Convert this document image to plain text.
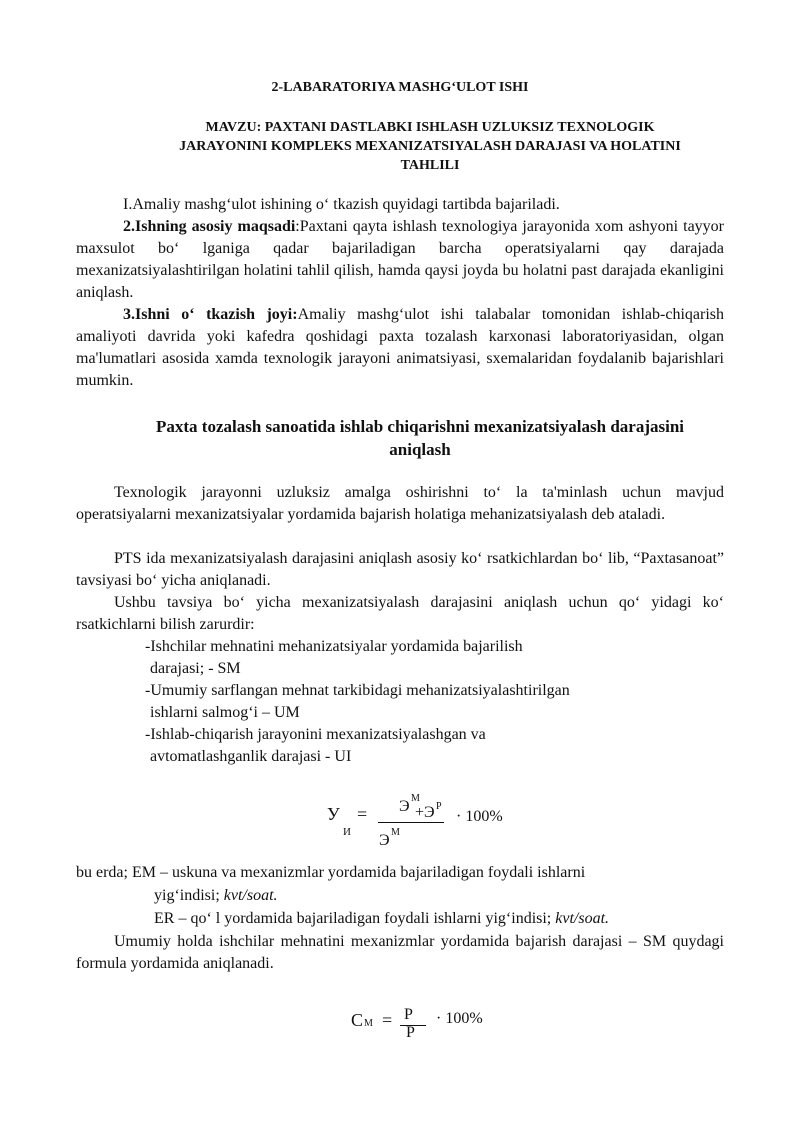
2-LABARATORIYA MASHG‘ULOT ISHI
MAVZU: PAXTANI DASTLABKI ISHLASH UZLUKSIZ TEXNOLOGIK
JARAYONINI KOMPLEKS MEXANIZATSIYALASH DARAJASI VA HOLATINI
TAHLILI
I.Amaliy mashg‘ulot ishining o‘ tkazish quyidagi tartibda bajariladi.
2.Ishning asosiy maqsadi:Paxtani qayta ishlash texnologiya jarayonida xom ashyoni tayyor maxsulot bo‘ lganiga qadar bajariladigan barcha operatsiyalarni qay darajada mexanizatsiyalashtirilgan holatini tahlil qilish, hamda qaysi joyda bu holatni past darajada ekanligini aniqlash.
3.Ishni o‘ tkazish joyi:Amaliy mashg‘ulot ishi talabalar tomonidan ishlab-chiqarish amaliyoti davrida yoki kafedra qoshidagi paxta tozalash karxonasi laboratoriyasidan, olgan ma'lumatlari asosida xamda texnologik jarayoni animatsiyasi, sxemalaridan foydalanib bajarishlari mumkin.
Paxta tozalash sanoatida ishlab chiqarishni mexanizatsiyalash darajasini
aniqlash
Texnologik jarayonni uzluksiz amalga oshirishni to‘ la ta'minlash uchun mavjud operatsiyalarni mexanizatsiyalar yordamida bajarish holatiga mehanizatsiyalash deb ataladi.
PTS ida mexanizatsiyalash darajasini aniqlash asosiy ko‘ rsatkichlardan bo‘ lib, “Paxtasanoat” tavsiyasi bo‘ yicha aniqlanadi.
Ushbu tavsiya bo‘ yicha mexanizatsiyalash darajasini aniqlash uchun qo‘ yidagi ko‘ rsatkichlarni bilish zarurdir:
-Ishchilar mehnatini mehanizatsiyalar yordamida bajarilish
darajasi; - SM
-Umumiy sarflangan mehnat tarkibidagi mehanizatsiyalashtirilgan
ishlarni salmog‘i – UM
-Ishlab-chiqarish jarayonini mexanizatsiyalashgan va
avtomatlashganlik darajasi - UI
У
И
= Э М
+Э Р
Э М
· 100%
bu erda; EM – uskuna va mexanizmlar yordamida bajariladigan foydali ishlarni
yig‘indisi; kvt/soat.
ER – qo‘ l yordamida bajariladigan foydali ishlarni yig‘indisi; kvt/soat.
Umumiy holda ishchilar mehnatini mexanizmlar yordamida bajarish darajasi – SM quydagi formula yordamida aniqlanadi.
С М = Р
Р
· 100%
